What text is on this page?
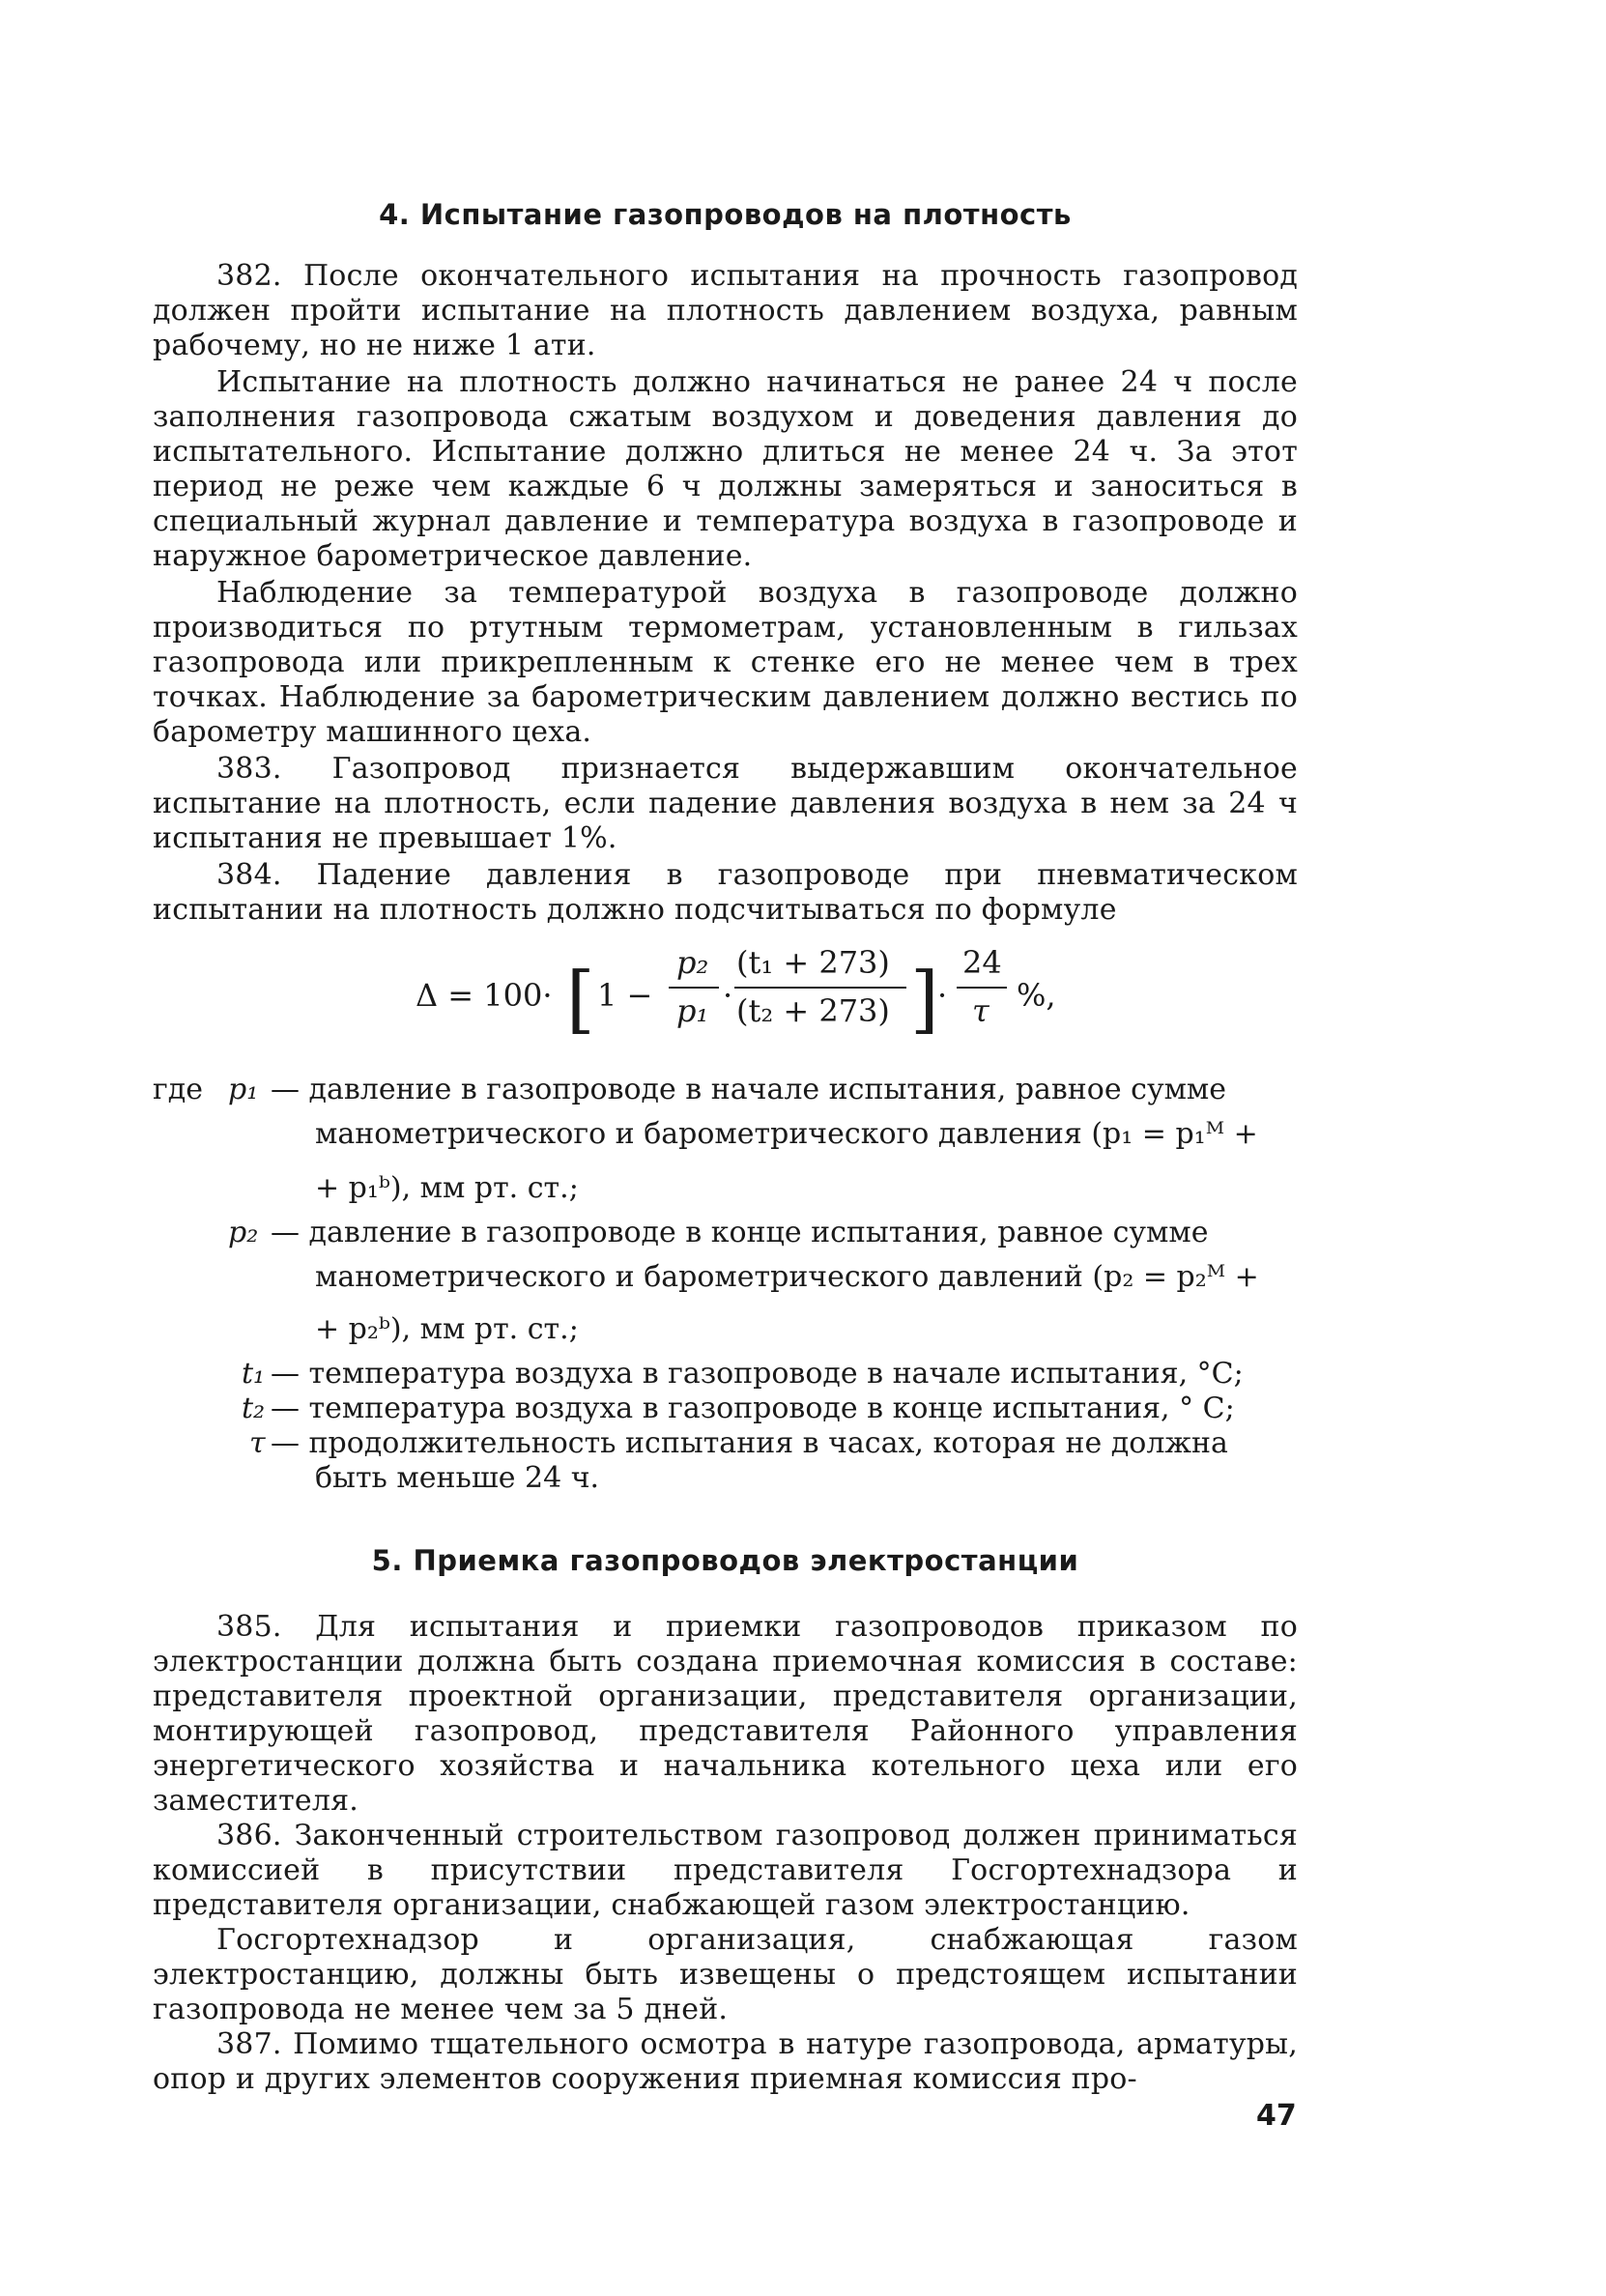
4. Испытание газопроводов на плотность

382. После окончательного испытания на прочность газопровод должен пройти испытание на плотность давлением воздуха, равным рабочему, но не ниже 1 ати.

Испытание на плотность должно начинаться не ранее 24 ч после заполнения газопровода сжатым воздухом и доведения давления до испытательного. Испытание должно длиться не менее 24 ч. За этот период не реже чем каждые 6 ч должны замеряться и заноситься в специальный журнал давление и температура воздуха в газопроводе и наружное барометрическое давление.

Наблюдение за температурой воздуха в газопроводе должно производиться по ртутным термометрам, установленным в гильзах газопровода или прикрепленным к стенке его не менее чем в трех точках. Наблюдение за барометрическим давлением должно вестись по барометру машинного цеха.

383. Газопровод признается выдержавшим окончательное испытание на плотность, если падение давления воздуха в нем за 24 ч испытания не превышает 1%.

384. Падение давления в газопроводе при пневматическом испытании на плотность должно подсчитываться по формуле

Δ = 100· [ 1 −
p₂
p₁ ·
(t₁ + 273)
(t₂ + 273) ]
·
24
τ %,
где p₁ — давление в газопроводе в начале испытания, равное сумме
манометрического и барометрического давления (p₁ = p₁ᴹ +
+ p₁ᵇ), мм рт. ст.;
p₂ — давление в газопроводе в конце испытания, равное сумме
манометрического и барометрического давлений (p₂ = p₂ᴹ +
+ p₂ᵇ), мм рт. ст.;
t₁ — температура воздуха в газопроводе в начале испытания, °С;
t₂ — температура воздуха в газопроводе в конце испытания, ° С;
τ — продолжительность испытания в часах, которая не должна
быть меньше 24 ч.
5. Приемка газопроводов электростанции

385. Для испытания и приемки газопроводов приказом по электростанции должна быть создана приемочная комиссия в составе: представителя проектной организации, представителя организации, монтирующей газопровод, представителя Районного управления энергетического хозяйства и начальника котельного цеха или его заместителя.

386. Законченный строительством газопровод должен приниматься комиссией в присутствии представителя Госгортехнадзора и представителя организации, снабжающей газом электростанцию.

Госгортехнадзор и организация, снабжающая газом электростанцию, должны быть извещены о предстоящем испытании газопровода не менее чем за 5 дней.

387. Помимо тщательного осмотра в натуре газопровода, арматуры, опор и других элементов сооружения приемная комиссия про-

47
